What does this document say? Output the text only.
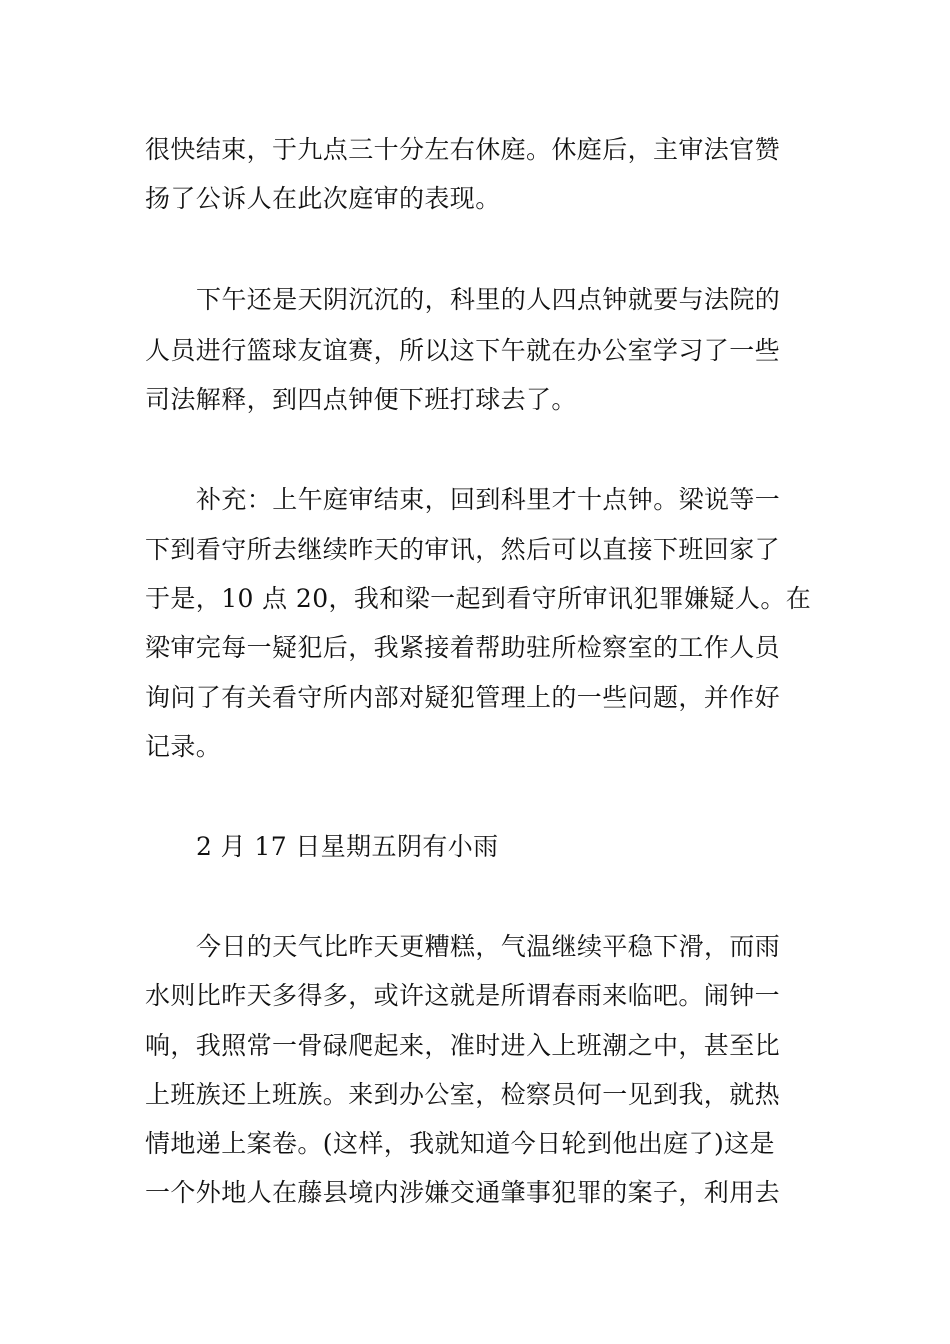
很快结束，于九点三十分左右休庭。休庭后，主审法官赞
扬了公诉人在此次庭审的表现。
下午还是天阴沉沉的，科里的人四点钟就要与法院的
人员进行篮球友谊赛，所以这下午就在办公室学习了一些
司法解释，到四点钟便下班打球去了。
补充：上午庭审结束，回到科里才十点钟。梁说等一
下到看守所去继续昨天的审讯，然后可以直接下班回家了
于是，10 点 20，我和梁一起到看守所审讯犯罪嫌疑人。在
梁审完每一疑犯后，我紧接着帮助驻所检察室的工作人员
询问了有关看守所内部对疑犯管理上的一些问题，并作好
记录。
2 月 17 日星期五阴有小雨
今日的天气比昨天更糟糕，气温继续平稳下滑，而雨
水则比昨天多得多，或许这就是所谓春雨来临吧。闹钟一
响，我照常一骨碌爬起来，准时进入上班潮之中，甚至比
上班族还上班族。来到办公室，检察员何一见到我，就热
情地递上案卷。(这样，我就知道今日轮到他出庭了)这是
一个外地人在藤县境内涉嫌交通肇事犯罪的案子，利用去
